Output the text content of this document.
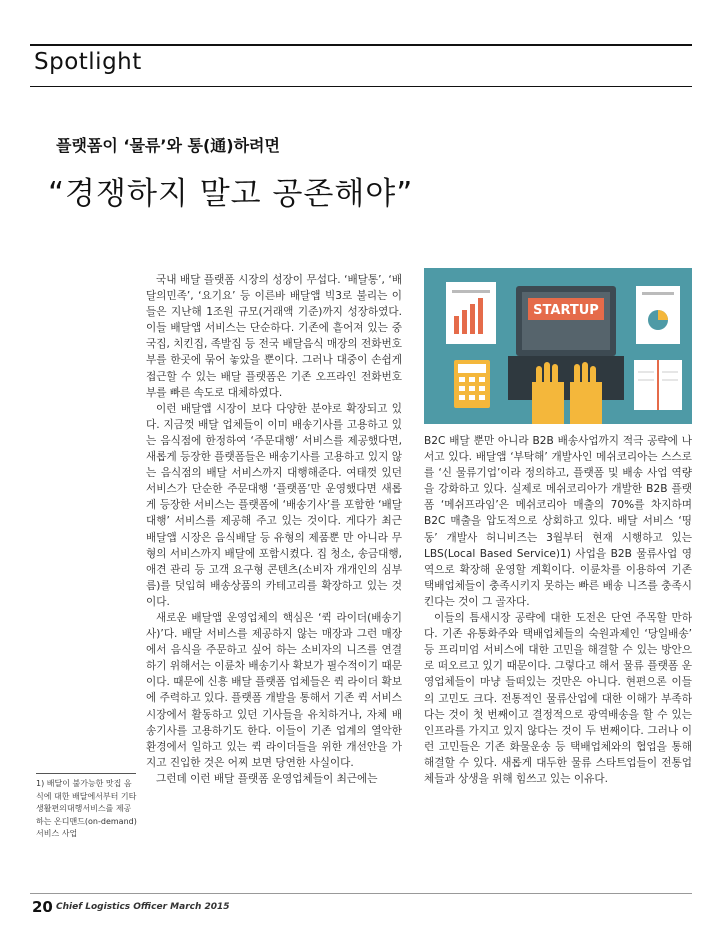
Spotlight
플랫폼이 ‘물류’와 통(通)하려면
“경쟁하지 말고 공존해야”

국내 배달 플랫폼 시장의 성장이 무섭다. ‘배달통’, ‘배달의민족’, ‘요기요’ 등 이른바 배달앱 빅3로 불리는 이들은 지난해 1조원 규모(거래액 기준)까지 성장하였다. 이들 배달앱 서비스는 단순하다. 기존에 흩어져 있는 중국집, 치킨집, 족발집 등 전국 배달음식 매장의 전화번호부를 한곳에 묶어 놓았을 뿐이다. 그러나 대중이 손쉽게 접근할 수 있는 배달 플랫폼은 기존 오프라인 전화번호부를 빠른 속도로 대체하였다.

이런 배달앱 시장이 보다 다양한 분야로 확장되고 있다. 지금껏 배달 업체들이 이미 배송기사를 고용하고 있는 음식점에 한정하여 ‘주문대행’ 서비스를 제공했다면, 새롭게 등장한 플랫폼들은 배송기사를 고용하고 있지 않는 음식점의 배달 서비스까지 대행해준다. 여태껏 있던 서비스가 단순한 주문대행 ‘플랫폼’만 운영했다면 새롭게 등장한 서비스는 플랫폼에 ‘배송기사’를 포함한 ‘배달대행’ 서비스를 제공해 주고 있는 것이다. 게다가 최근 배달앱 시장은 음식배달 등 유형의 제품뿐 만 아니라 무형의 서비스까지 배달에 포함시켰다. 집 청소, 송금대행, 애견 관리 등 고객 요구형 콘텐츠(소비자 개개인의 심부름)를 덧입혀 배송상품의 카테고리를 확장하고 있는 것이다.

새로운 배달앱 운영업체의 핵심은 ‘퀵 라이더(배송기사)’다. 배달 서비스를 제공하지 않는 매장과 그런 매장에서 음식을 주문하고 싶어 하는 소비자의 니즈를 연결하기 위해서는 이륜차 배송기사 확보가 필수적이기 때문이다. 때문에 신흥 배달 플랫폼 업체들은 퀵 라이더 확보에 주력하고 있다. 플랫폼 개발을 통해서 기존 퀵 서비스 시장에서 활동하고 있던 기사들을 유치하거나, 자체 배송기사를 고용하기도 한다. 이들이 기존 업계의 열악한 환경에서 일하고 있는 퀵 라이더들을 위한 개선안을 가지고 진입한 것은 어찌 보면 당연한 사실이다.

그런데 이런 배달 플랫폼 운영업체들이 최근에는

STARTUP

B2C 배달 뿐만 아니라 B2B 배송사업까지 적극 공략에 나서고 있다. 배달앱 ‘부탁해’ 개발사인 메쉬코리아는 스스로를 ‘신 물류기업’이라 정의하고, 플랫폼 및 배송 사업 역량을 강화하고 있다. 실제로 메쉬코리아가 개발한 B2B 플랫폼 ‘메쉬프라임’은 메쉬코리아 매출의 70%를 차지하며 B2C 매출을 압도적으로 상회하고 있다. 배달 서비스 ‘띵동’ 개발사 허니비즈는 3월부터 현재 시행하고 있는 LBS(Local Based Service)1) 사업을 B2B 물류사업 영역으로 확장해 운영할 계획이다. 이륜차를 이용하여 기존 택배업체들이 충족시키지 못하는 빠른 배송 니즈를 충족시킨다는 것이 그 골자다.

이들의 틈새시장 공략에 대한 도전은 단연 주목할 만하다. 기존 유통화주와 택배업체들의 숙원과제인 ‘당일배송’ 등 프리미엄 서비스에 대한 고민을 해결할 수 있는 방안으로 떠오르고 있기 때문이다. 그렇다고 해서 물류 플랫폼 운영업체들이 마냥 들떠있는 것만은 아니다. 현편으론 이들의 고민도 크다. 전통적인 물류산업에 대한 이해가 부족하다는 것이 첫 번째이고 결정적으로 광역배송을 할 수 있는 인프라를 가지고 있지 않다는 것이 두 번째이다. 그러나 이런 고민들은 기존 화물운송 등 택배업체와의 협업을 통해 해결할 수 있다. 새롭게 대두한 물류 스타트업들이 전통업체들과 상생을 위해 힘쓰고 있는 이유다.

1) 배달이 불가능한 맛집 음식에 대한 배달에서부터 기타 생활편의대행서비스를 제공하는 온디맨드(on-demand) 서비스 사업
20 Chief Logistics Officer March 2015
